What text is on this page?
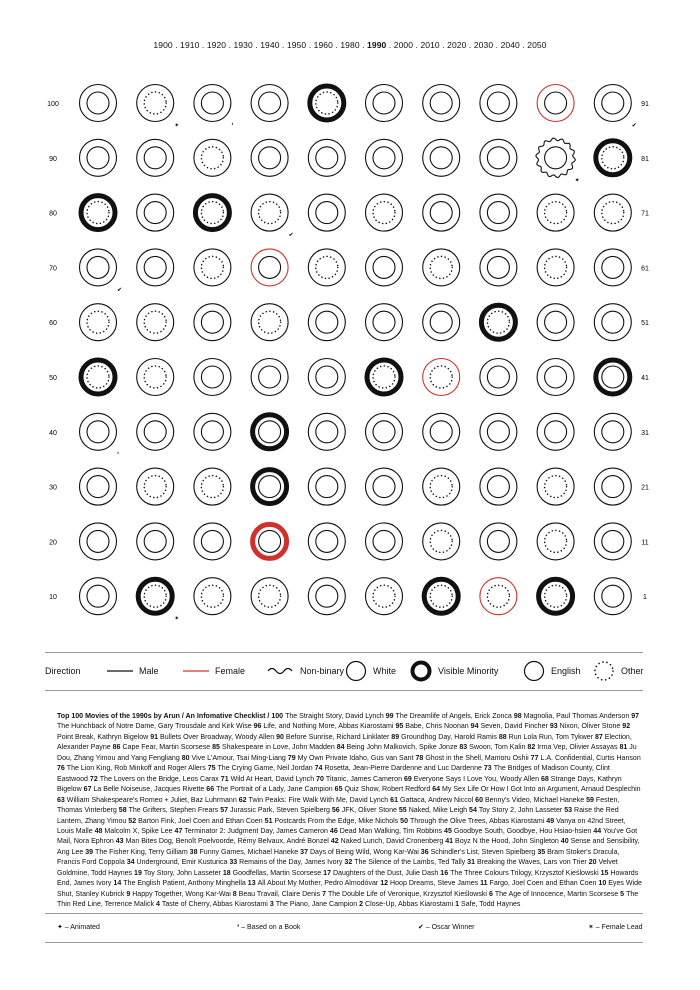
1900 . 1910 . 1920 . 1930 . 1940 . 1950 . 1960 . 1980 . 1990 . 2000 . 2010 . 2020 . 2030 . 2040 . 2050
100	91
✶	❛	✔
90	81
✦
80	71
✔
70	61
✔
60	51
50	41
40	31
❛
30	21
20	11
10	1
✶
Direction	Male	Female	Non-binary	White	Visible Minority	English	Other
Top 100 Movies of the 1990s by Arun / An Infomative Checklist / 100 The Straight Story, David Lynch 99 The Dreamlife of Angels, Erick Zonca 98 Magnolia, Paul Thomas Anderson 97 The Hunchback of Notre Dame, Gary Trousdale and Kirk Wise 96 Life, and Nothing More, Abbas Kiarostami 95 Babe, Chris Noonan 94 Seven, David Fincher 93 Nixon, Oliver Stone 92 Point Break, Kathryn Bigelow 91 Bullets Over Broadway, Woody Allen 90 Before Sunrise, Richard Linklater 89 Groundhog Day, Harold Ramis 88 Run Lola Run, Tom Tykwer 87 Election, Alexander Payne 86 Cape Fear, Martin Scorsese 85 Shakespeare in Love, John Madden 84 Being John Malkovich, Spike Jonze 83 Swoon, Tom Kalin 82 Irma Vep, Olivier Assayas 81 Ju Dou, Zhang Yimou and Yang Fengliang 80 Vive L'Amour, Tsai Ming-Liang 79 My Own Private Idaho, Gus van Sant 78 Ghost in the Shell, Mamoru Oshii 77 L.A. Confidential, Curtis Hanson 76 The Lion King, Rob Minkoff and Roger Allers 75 The Crying Game, Neil Jordan 74 Rosetta, Jean-Pierre Dardenne and Luc Dardenne 73 The Bridges of Madison County, Clint Eastwood 72 The Lovers on the Bridge, Leos Carax 71 Wild At Heart, David Lynch 70 Titanic, James Cameron 69 Everyone Says I Love You, Woody Allen 68 Strange Days, Kathryn Bigelow 67 La Belle Noiseuse, Jacques Rivette 66 The Portrait of a Lady, Jane Campion 65 Quiz Show, Robert Redford 64 My Sex Life Or How I Got Into an Argument, Arnaud Desplechin 63 William Shakespeare's Romeo + Juliet, Baz Luhrmann 62 Twin Peaks: Fire Walk With Me, David Lynch 61 Gattaca, Andrew Niccol 60 Benny's Video, Michael Haneke 59 Festen, Thomas Vinterberg 58 The Grifters, Stephen Frears 57 Jurassic Park, Steven Spielberg 56 JFK, Oliver Stone 55 Naked, Mike Leigh 54 Toy Story 2, John Lasseter 53 Raise the Red Lantern, Zhang Yimou 52 Barton Fink, Joel Coen and Ethan Coen 51 Postcards From the Edge, Mike Nichols 50 Through the Olive Trees, Abbas Kiarostami 49 Vanya on 42nd Street, Louis Malle 48 Malcolm X, Spike Lee 47 Terminator 2: Judgment Day, James Cameron 46 Dead Man Walking, Tim Robbins 45 Goodbye South, Goodbye, Hou Hsiao-hsien 44 You've Got Mail, Nora Ephron 43 Man Bites Dog, Benoît Poelvoorde, Rémy Belvaux, André Bonzel 42 Naked Lunch, David Cronenberg 41 Boyz N the Hood, John Singleton 40 Sense and Sensibility, Ang Lee 39 The Fisher King, Terry Gilliam 38 Funny Games, Michael Haneke 37 Days of Being Wild, Wong Kar-Wai 36 Schindler's List, Steven Spielberg 35 Bram Stoker's Dracula, Francis Ford Coppola 34 Underground, Emir Kusturica 33 Remains of the Day, James Ivory 32 The Silence of the Lambs, Ted Tally 31 Breaking the Waves, Lars von Trier 20 Velvet Goldmine, Todd Haynes 19 Toy Story, John Lasseter 18 Goodfellas, Martin Scorsese 17 Daughters of the Dust, Julie Dash 16 The Three Colours Trilogy, Krzysztof Kieślowski 15 Howards End, James Ivory 14 The English Patient, Anthony Minghella 13 All About My Mother, Pedro Almodóvar 12 Hoop Dreams, Steve James 11 Fargo, Joel Coen and Ethan Coen 10 Eyes Wide Shut, Stanley Kubrick 9 Happy Together, Wong Kar-Wai 8 Beau Travail, Claire Denis 7 The Double Life of Veronique, Krzysztof Kieślowski 6 The Age of Innocence, Martin Scorsese 5 The Thin Red Line, Terrence Malick 4 Taste of Cherry, Abbas Kiarostami 3 The Piano, Jane Campion 2 Close-Up, Abbas Kiarostami 1 Safe, Todd Haynes
✦ – Animated	❛ – Based on a Book	✔ – Oscar Winner	✶ – Female Lead
